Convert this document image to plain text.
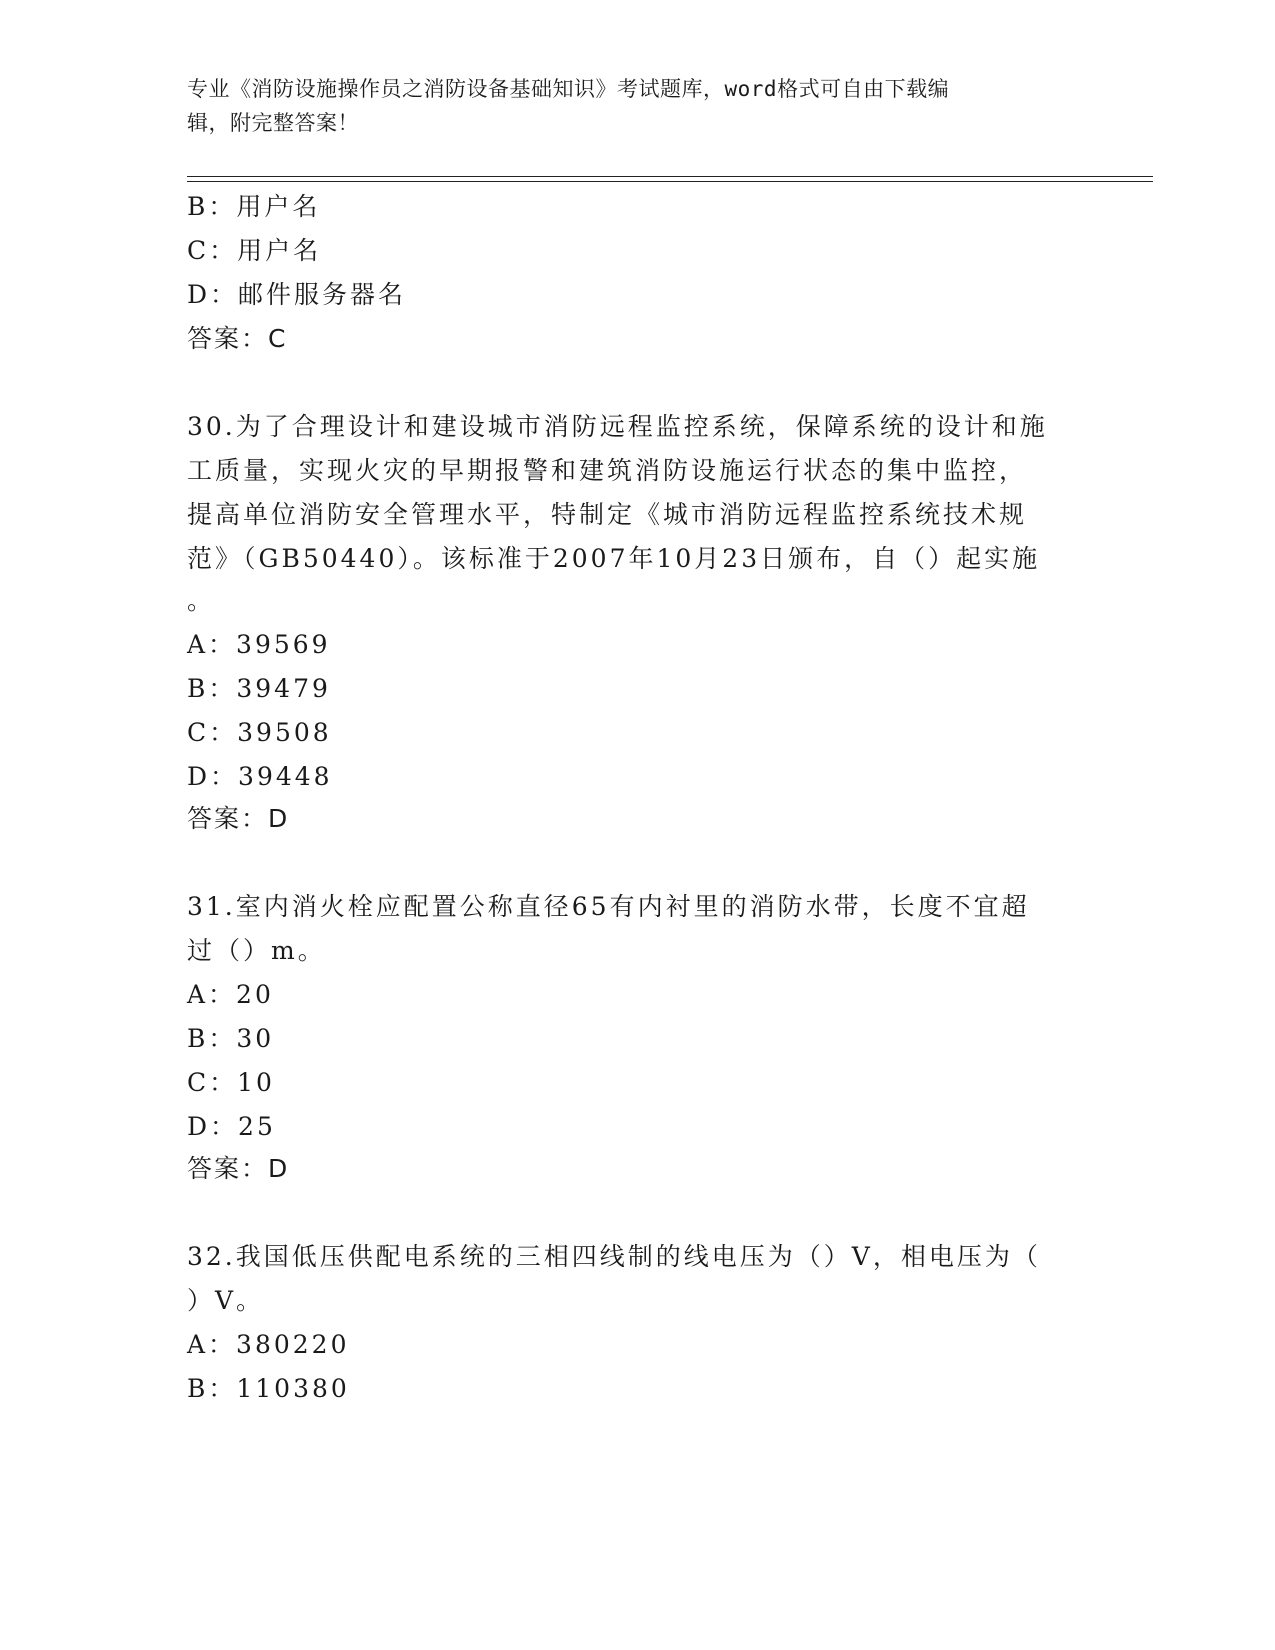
专业《消防设施操作员之消防设备基础知识》考试题库，word格式可自由下载编
辑，附完整答案！
B：用户名
C：用户名
D：邮件服务器名
答案：C
30.为了合理设计和建设城市消防远程监控系统，保障系统的设计和施
工质量，实现火灾的早期报警和建筑消防设施运行状态的集中监控，
提高单位消防安全管理水平，特制定《城市消防远程监控系统技术规
范》（GB50440）。该标准于2007年10月23日颁布，自（）起实施
。
A：39569
B：39479
C：39508
D：39448
答案：D
31.室内消火栓应配置公称直径65有内衬里的消防水带，长度不宜超
过（）m。
A：20
B：30
C：10
D：25
答案：D
32.我国低压供配电系统的三相四线制的线电压为（）V，相电压为（
）V。
A：380220
B：110380
